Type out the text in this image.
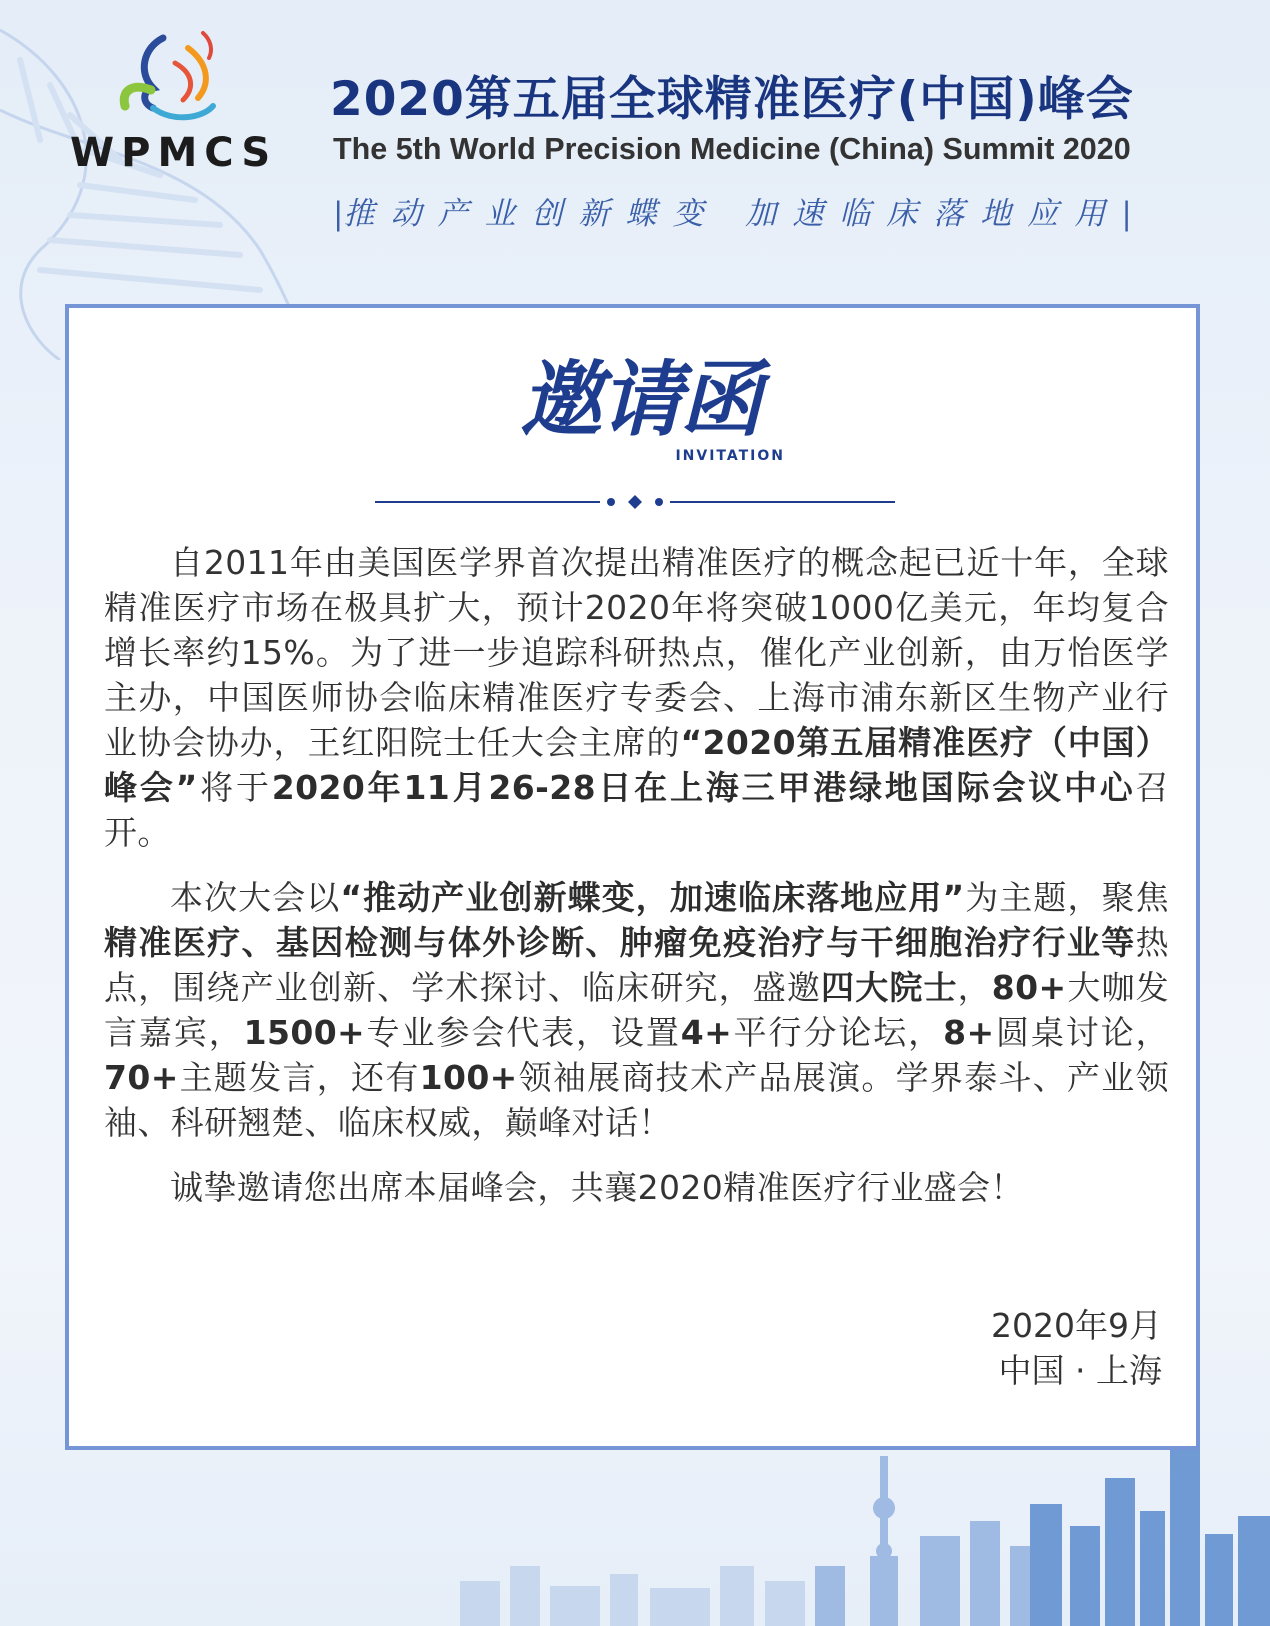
WPMCS
2020第五届全球精准医疗(中国)峰会
The 5th World Precision Medicine (China) Summit 2020
|推动产业创新蝶变 加速临床落地应用|
邀请函
INVITATION

自2011年由美国医学界首次提出精准医疗的概念起已近十年，全球精准医疗市场在极具扩大，预计2020年将突破1000亿美元，年均复合增长率约15%。为了进一步追踪科研热点，催化产业创新，由万怡医学主办，中国医师协会临床精准医疗专委会、上海市浦东新区生物产业行业协会协办，王红阳院士任大会主席的“2020第五届精准医疗（中国）峰会”将于2020年11月26-28日在上海三甲港绿地国际会议中心召开。

本次大会以“推动产业创新蝶变，加速临床落地应用”为主题，聚焦精准医疗、基因检测与体外诊断、肿瘤免疫治疗与干细胞治疗行业等热点，围绕产业创新、学术探讨、临床研究，盛邀四大院士，80+大咖发言嘉宾，1500+专业参会代表，设置4+平行分论坛，8+圆桌讨论，70+主题发言，还有100+领袖展商技术产品展演。学界泰斗、产业领袖、科研翘楚、临床权威，巅峰对话！

诚挚邀请您出席本届峰会，共襄2020精准医疗行业盛会！

2020年9月
中国 · 上海
